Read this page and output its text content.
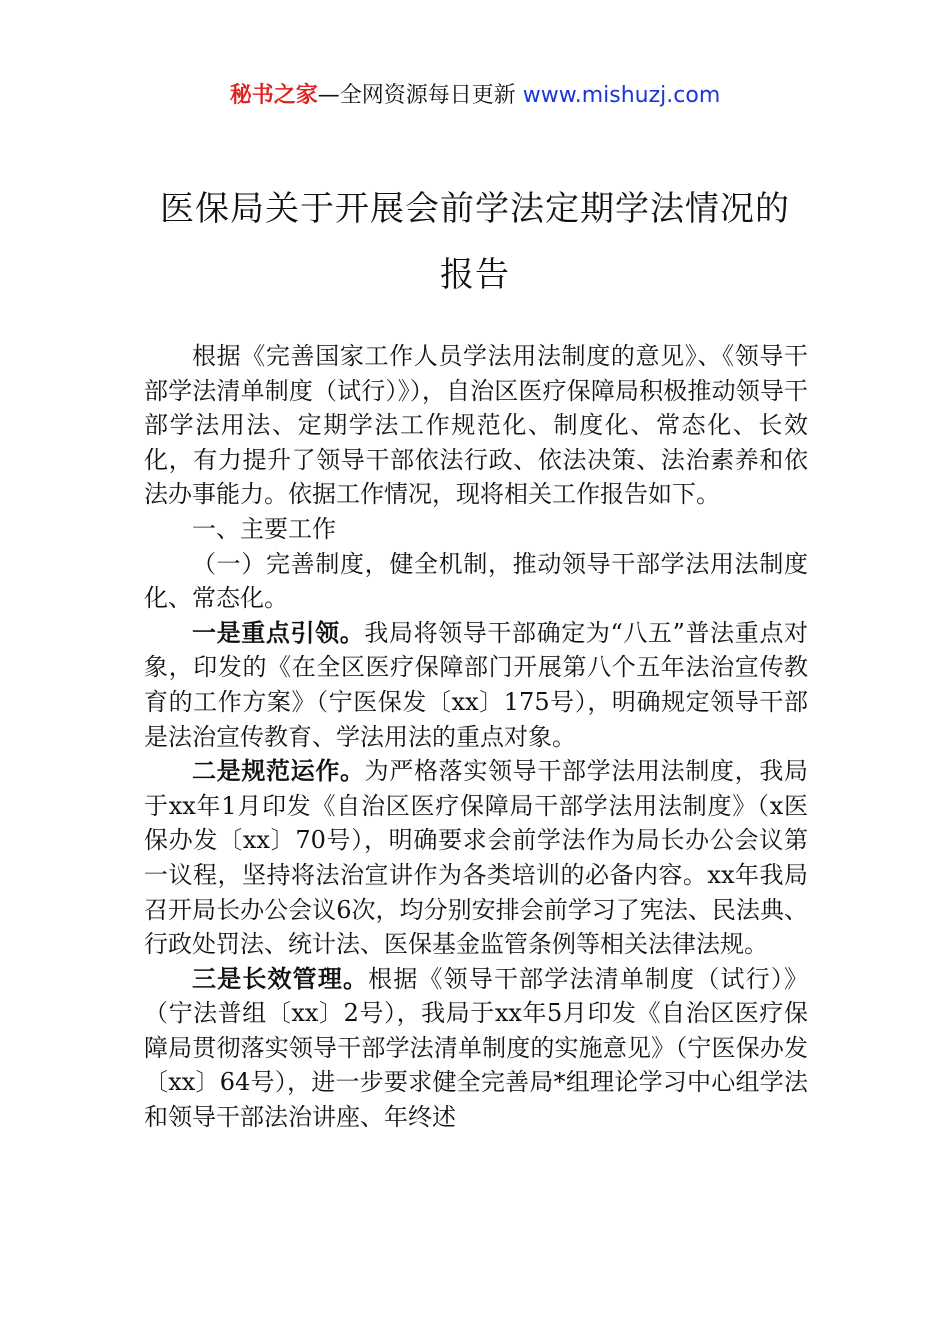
秘书之家—全网资源每日更新 www.mishuzj.com
医保局关于开展会前学法定期学法情况的
报告

根据《完善国家工作人员学法用法制度的意见》、《领导干部学法清单制度（试行）》），自治区医疗保障局积极推动领导干部学法用法、定期学法工作规范化、制度化、常态化、长效化，有力提升了领导干部依法行政、依法决策、法治素养和依法办事能力。依据工作情况，现将相关工作报告如下。

一、主要工作

（一）完善制度，健全机制，推动领导干部学法用法制度化、常态化。

一是重点引领。我局将领导干部确定为“八五”普法重点对象，印发的《在全区医疗保障部门开展第八个五年法治宣传教育的工作方案》（宁医保发〔xx〕175号），明确规定领导干部是法治宣传教育、学法用法的重点对象。

二是规范运作。为严格落实领导干部学法用法制度，我局于xx年1月印发《自治区医疗保障局干部学法用法制度》（x医保办发〔xx〕70号），明确要求会前学法作为局长办公会议第一议程，坚持将法治宣讲作为各类培训的必备内容。xx年我局召开局长办公会议6次，均分别安排会前学习了宪法、民法典、行政处罚法、统计法、医保基金监管条例等相关法律法规。

三是长效管理。根据《领导干部学法清单制度（试行）》（宁法普组〔xx〕2号），我局于xx年5月印发《自治区医疗保障局贯彻落实领导干部学法清单制度的实施意见》（宁医保办发〔xx〕64号），进一步要求健全完善局*组理论学习中心组学法和领导干部法治讲座、年终述
